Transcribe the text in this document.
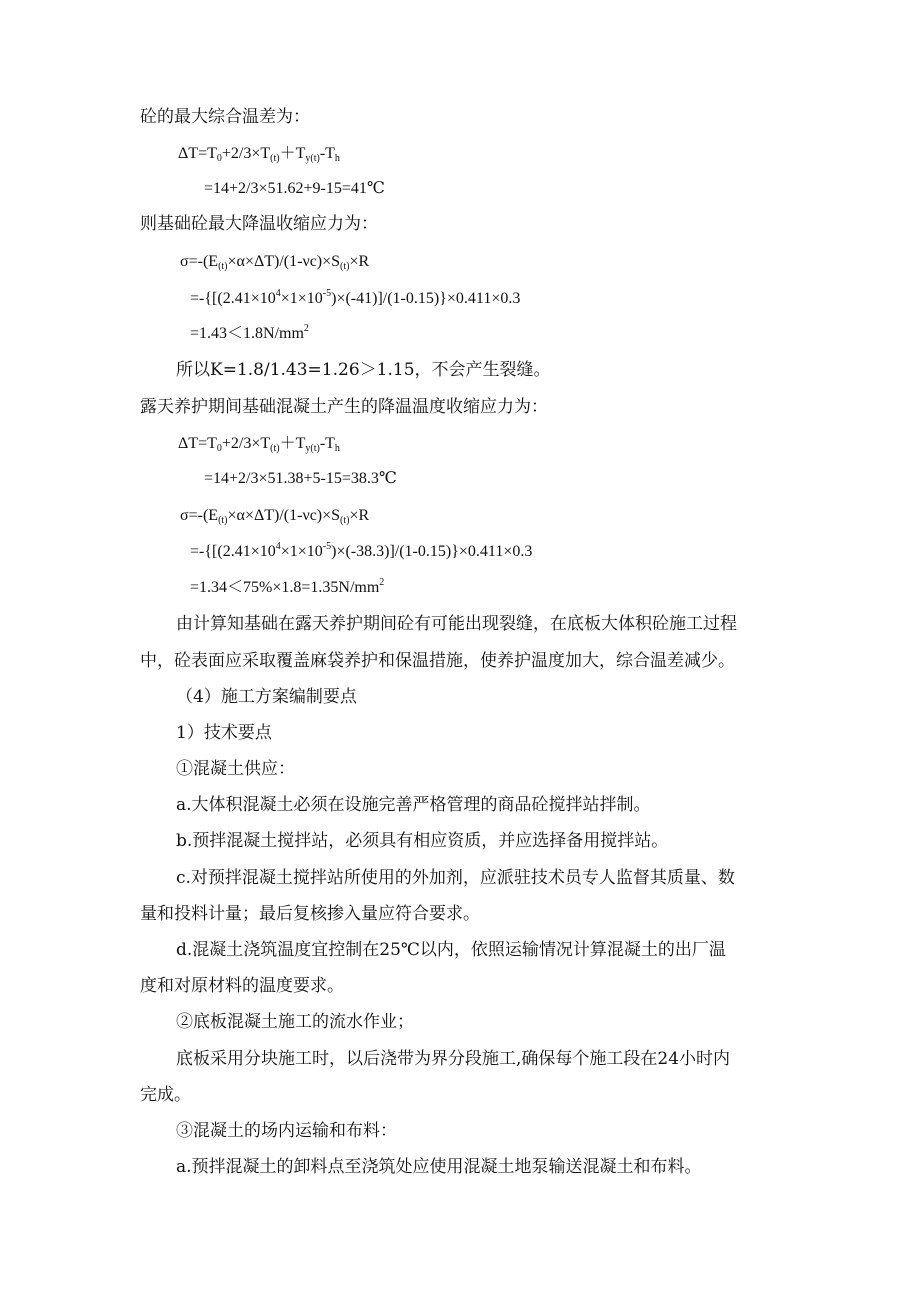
砼的最大综合温差为：
$\Delta T=T_0+2/3\times T_{(t)}+T_{y(t)}-T_h$
=14+2/3×51.62+9-15=41℃
则基础砼最大降温收缩应力为：
$\sigma=-(E_{(t)}\times\alpha\times\Delta T)/(1-\nu c)\times S_{(t)}\times R$
$=-\{[(2.41\times 10^4\times 1\times 10^{-5})\times(-41)]/(1-0.15)\}\times 0.411\times 0.3$
$=1.43<1.8N/mm^2$
所以K=1.8/1.43=1.26＞1.15，不会产生裂缝。
露天养护期间基础混凝土产生的降温温度收缩应力为：
$\Delta T=T_0+2/3\times T_{(t)}+T_{y(t)}-T_h$
=14+2/3×51.38+5-15=38.3℃
$\sigma=-(E_{(t)}\times\alpha\times\Delta T)/(1-\nu c)\times S_{(t)}\times R$
$=-\{[(2.41\times 10^4\times 1\times 10^{-5})\times(-38.3)]/(1-0.15)\}\times 0.411\times 0.3$
$=1.34<75\%\times 1.8=1.35N/mm^2$
由计算知基础在露天养护期间砼有可能出现裂缝，在底板大体积砼施工过程
中，砼表面应采取覆盖麻袋养护和保温措施，使养护温度加大，综合温差减少。
（4）施工方案编制要点
1）技术要点
①混凝土供应：
a.大体积混凝土必须在设施完善严格管理的商品砼搅拌站拌制。
b.预拌混凝土搅拌站，必须具有相应资质，并应选择备用搅拌站。
c.对预拌混凝土搅拌站所使用的外加剂，应派驻技术员专人监督其质量、数
量和投料计量；最后复核掺入量应符合要求。
d.混凝土浇筑温度宜控制在25℃以内，依照运输情况计算混凝土的出厂温
度和对原材料的温度要求。
②底板混凝土施工的流水作业；
底板采用分块施工时，以后浇带为界分段施工,确保每个施工段在24小时内
完成。
③混凝土的场内运输和布料：
a.预拌混凝土的卸料点至浇筑处应使用混凝土地泵输送混凝土和布料。
